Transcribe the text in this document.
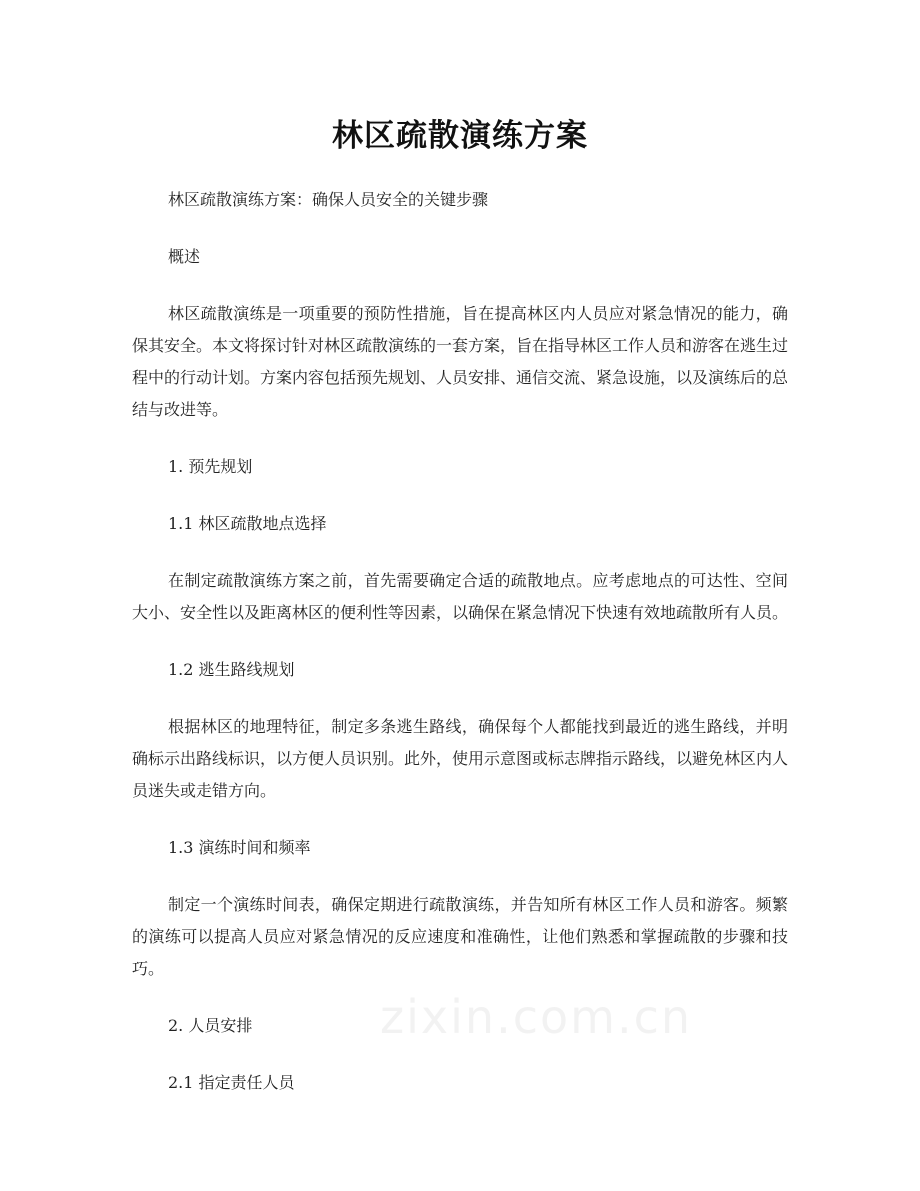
林区疏散演练方案

林区疏散演练方案：确保人员安全的关键步骤

概述

林区疏散演练是一项重要的预防性措施，旨在提高林区内人员应对紧急情况的能力，确保其安全。本文将探讨针对林区疏散演练的一套方案，旨在指导林区工作人员和游客在逃生过程中的行动计划。方案内容包括预先规划、人员安排、通信交流、紧急设施，以及演练后的总结与改进等。

1. 预先规划

1.1 林区疏散地点选择

在制定疏散演练方案之前，首先需要确定合适的疏散地点。应考虑地点的可达性、空间大小、安全性以及距离林区的便利性等因素，以确保在紧急情况下快速有效地疏散所有人员。

1.2 逃生路线规划

根据林区的地理特征，制定多条逃生路线，确保每个人都能找到最近的逃生路线，并明确标示出路线标识，以方便人员识别。此外，使用示意图或标志牌指示路线，以避免林区内人员迷失或走错方向。

1.3 演练时间和频率

制定一个演练时间表，确保定期进行疏散演练，并告知所有林区工作人员和游客。频繁的演练可以提高人员应对紧急情况的反应速度和准确性，让他们熟悉和掌握疏散的步骤和技巧。

2. 人员安排

2.1 指定责任人员

zixin.com.cn
